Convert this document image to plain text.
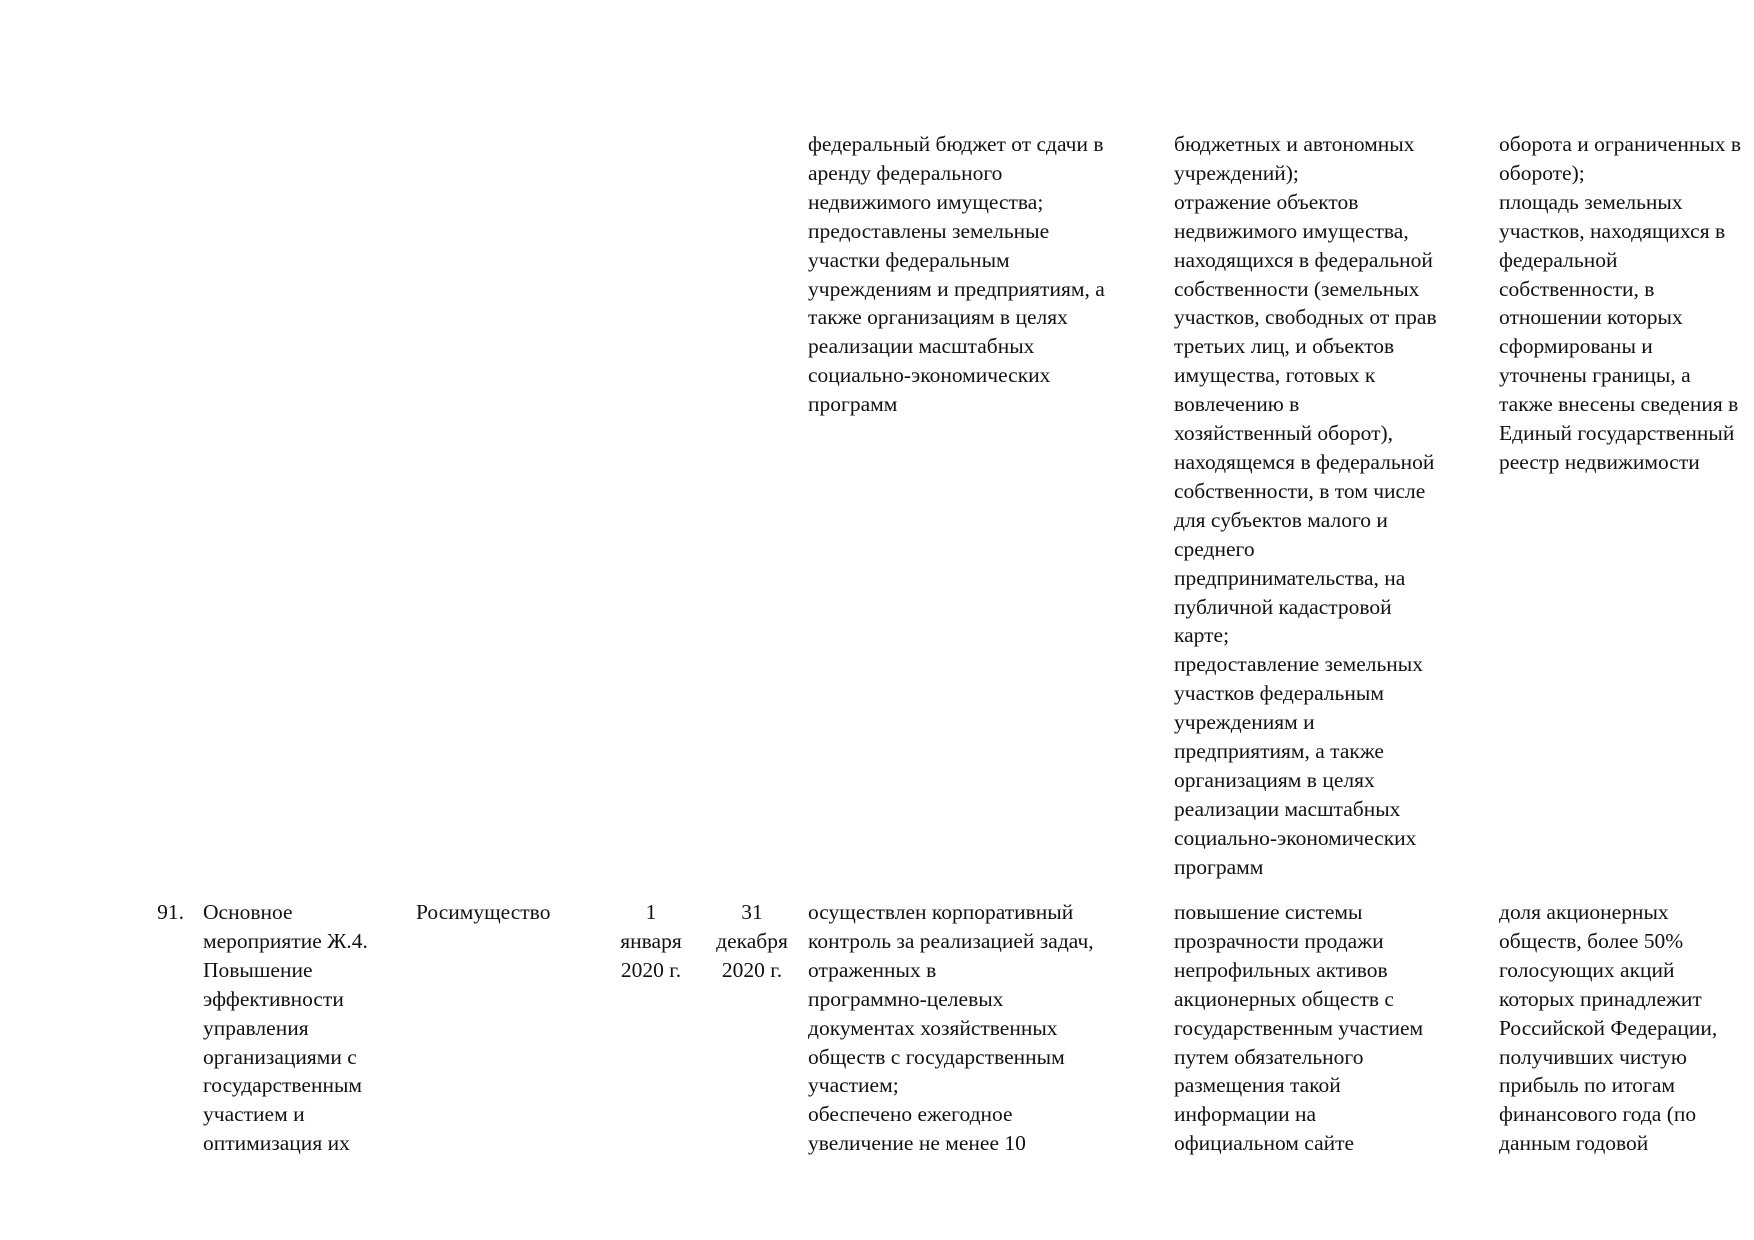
федеральный бюджет от сдачи в
аренду федерального
недвижимого имущества;
предоставлены земельные
участки федеральным
учреждениям и предприятиям, а
также организациям в целях
реализации масштабных
социально-экономических
программ
бюджетных и автономных
учреждений);
отражение объектов
недвижимого имущества,
находящихся в федеральной
собственности (земельных
участков, свободных от прав
третьих лиц, и объектов
имущества, готовых к
вовлечению в
хозяйственный оборот),
находящемся в федеральной
собственности, в том числе
для субъектов малого и
среднего
предпринимательства, на
публичной кадастровой
карте;
предоставление земельных
участков федеральным
учреждениям и
предприятиям, а также
организациям в целях
реализации масштабных
социально-экономических
программ
оборота и ограниченных в
обороте);
площадь земельных
участков, находящихся в
федеральной
собственности, в
отношении которых
сформированы и
уточнены границы, а
также внесены сведения в
Единый государственный
реестр недвижимости
91. Основное
мероприятие Ж.4.
Повышение
эффективности
управления
организациями с
государственным
участием и
оптимизация их
Росимущество	1
января
2020 г.
31
декабря
2020 г.
осуществлен корпоративный
контроль за реализацией задач,
отраженных в
программно-целевых
документах хозяйственных
обществ с государственным
участием;
обеспечено ежегодное
увеличение не менее 10
повышение системы
прозрачности продажи
непрофильных активов
акционерных обществ с
государственным участием
путем обязательного
размещения такой
информации на
официальном сайте
доля акционерных
обществ, более 50%
голосующих акций
которых принадлежит
Российской Федерации,
получивших чистую
прибыль по итогам
финансового года (по
данным годовой
